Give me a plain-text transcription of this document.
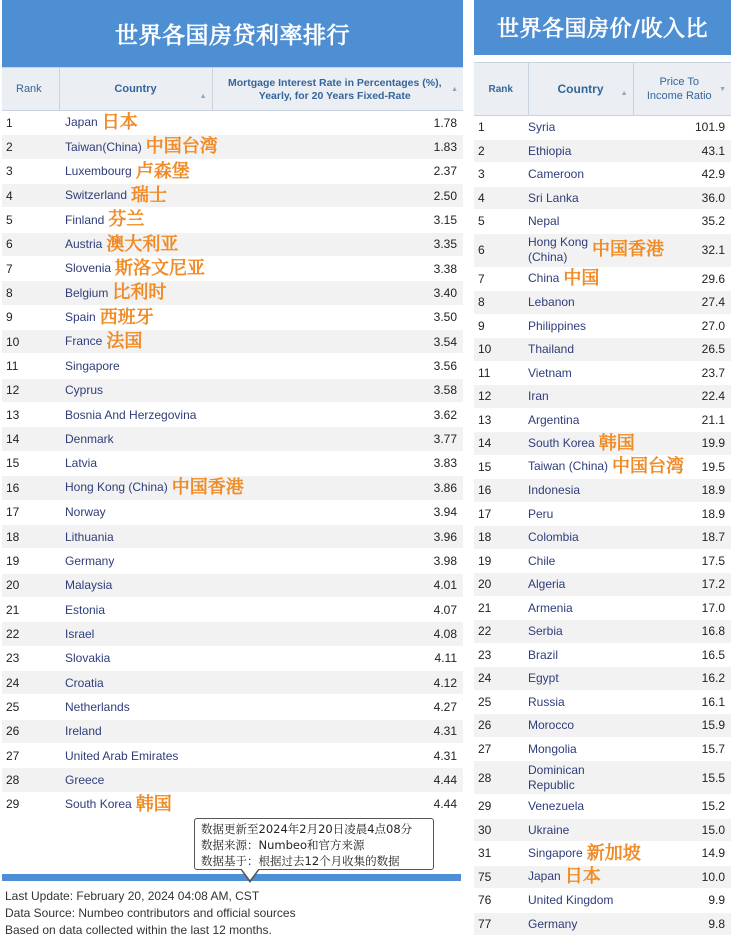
世界各国房贷利率排行
Rank	Country
▲	Mortgage Interest Rate in Percentages (%), Yearly, for 20 Years Fixed-Rate
▲

1	Japan 日本	1.78
2	Taiwan(China) 中国台湾	1.83
3	Luxembourg 卢森堡	2.37
4	Switzerland 瑞士	2.50
5	Finland 芬兰	3.15
6	Austria 澳大利亚	3.35
7	Slovenia 斯洛文尼亚	3.38
8	Belgium 比利时	3.40
9	Spain 西班牙	3.50
10	France 法国	3.54
11	Singapore	3.56
12	Cyprus	3.58
13	Bosnia And Herzegovina	3.62
14	Denmark	3.77
15	Latvia	3.83
16	Hong Kong (China) 中国香港	3.86
17	Norway	3.94
18	Lithuania	3.96
19	Germany	3.98
20	Malaysia	4.01
21	Estonia	4.07
22	Israel	4.08
23	Slovakia	4.11
24	Croatia	4.12
25	Netherlands	4.27
26	Ireland	4.31
27	United Arab Emirates	4.31
28	Greece	4.44
29	South Korea 韩国	4.44
世界各国房价/收入比
Rank	Country ▲	Price To Income Ratio
▼

1	Syria	101.9
2	Ethiopia	43.1
3	Cameroon	42.9
4	Sri Lanka	36.0
5	Nepal	35.2
6	Hong Kong
(China) 中国香港	32.1
7	China 中国	29.6
8	Lebanon	27.4
9	Philippines	27.0
10	Thailand	26.5
11	Vietnam	23.7
12	Iran	22.4
13	Argentina	21.1
14	South Korea 韩国	19.9
15	Taiwan (China) 中国台湾	19.5
16	Indonesia	18.9
17	Peru	18.9
18	Colombia	18.7
19	Chile	17.5
20	Algeria	17.2
21	Armenia	17.0
22	Serbia	16.8
23	Brazil	16.5
24	Egypt	16.2
25	Russia	16.1
26	Morocco	15.9
27	Mongolia	15.7
28	Dominican
Republic	15.5
29	Venezuela	15.2
30	Ukraine	15.0
31	Singapore 新加坡	14.9
75	Japan 日本	10.0
76	United Kingdom	9.9
77	Germany	9.8
数据更新至2024年2月20日凌晨4点08分
数据来源：Numbeo和官方来源
数据基于：根据过去12个月收集的数据
Last Update: February 20, 2024 04:08 AM, CST
Data Source: Numbeo contributors and official sources
Based on data collected within the last 12 months.
